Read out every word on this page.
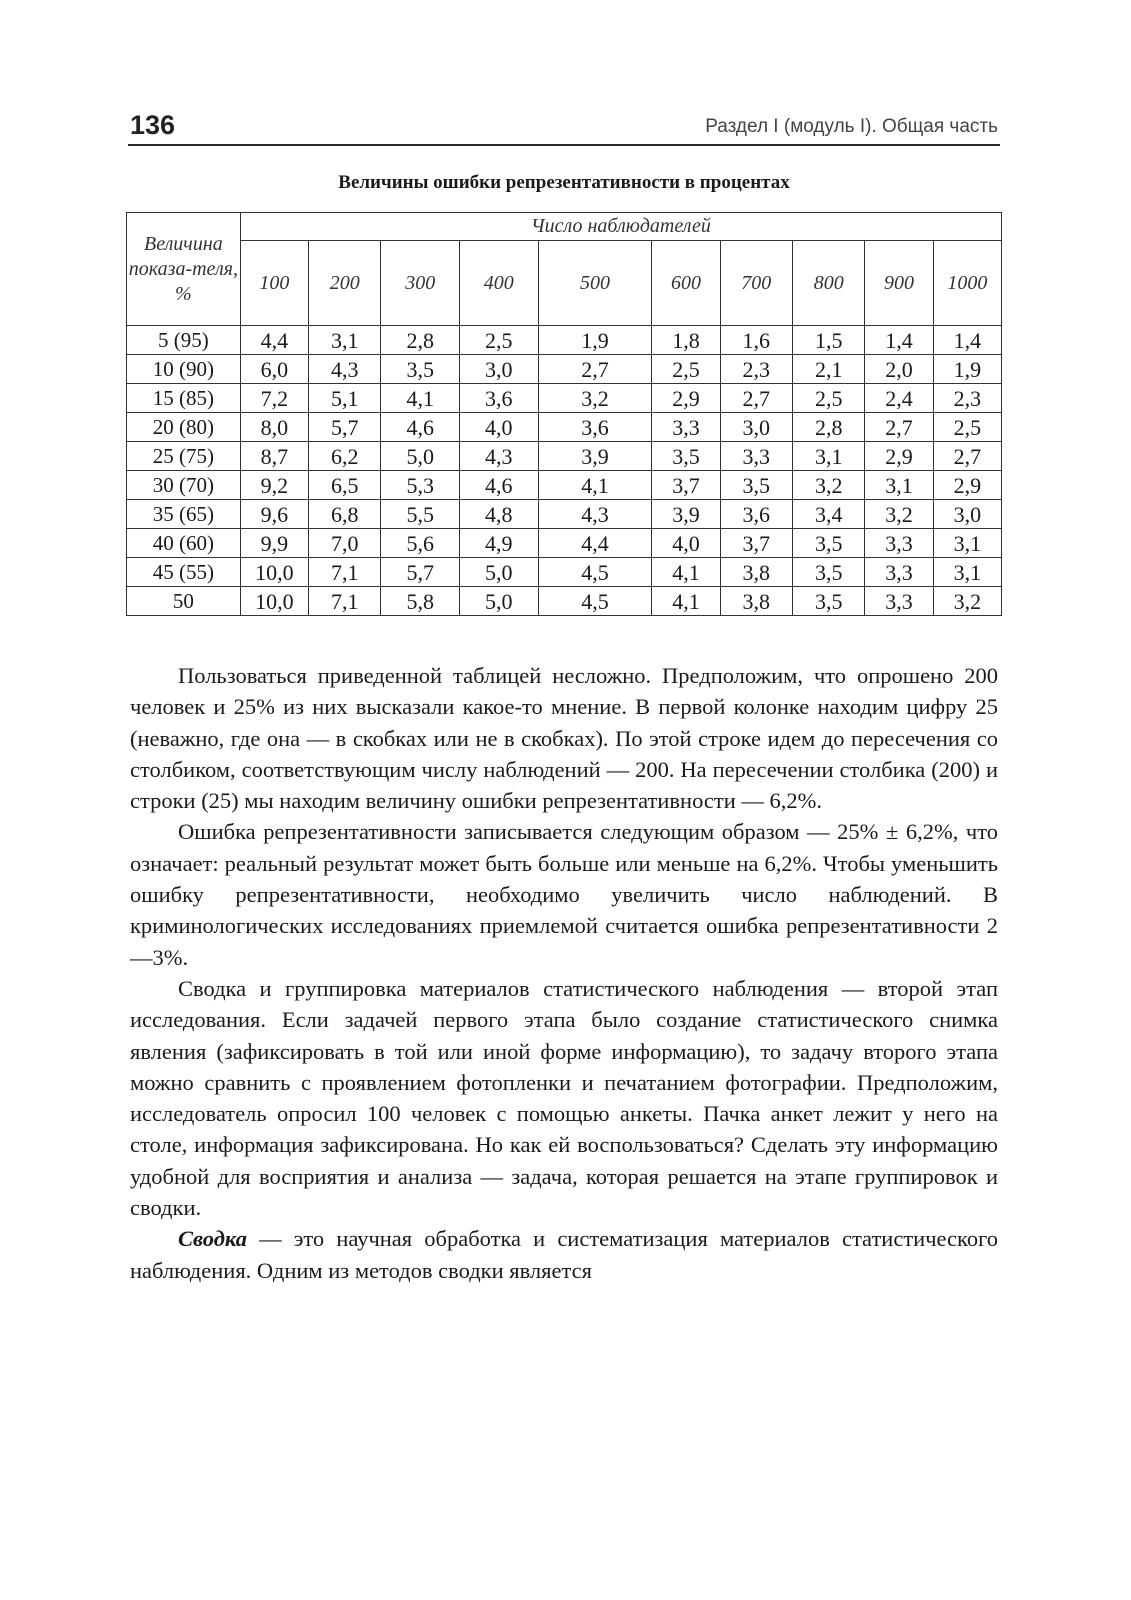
136	Раздел I (модуль I). Общая часть
Величины ошибки репрезентативности в процентах
Величина показа-теля, %	Число наблюдателей									
	100	200	300	400	500	600	700	800	900	1000
5 (95)	4,4	3,1	2,8	2,5	1,9	1,8	1,6	1,5	1,4	1,4
10 (90)	6,0	4,3	3,5	3,0	2,7	2,5	2,3	2,1	2,0	1,9
15 (85)	7,2	5,1	4,1	3,6	3,2	2,9	2,7	2,5	2,4	2,3
20 (80)	8,0	5,7	4,6	4,0	3,6	3,3	3,0	2,8	2,7	2,5
25 (75)	8,7	6,2	5,0	4,3	3,9	3,5	3,3	3,1	2,9	2,7
30 (70)	9,2	6,5	5,3	4,6	4,1	3,7	3,5	3,2	3,1	2,9
35 (65)	9,6	6,8	5,5	4,8	4,3	3,9	3,6	3,4	3,2	3,0
40 (60)	9,9	7,0	5,6	4,9	4,4	4,0	3,7	3,5	3,3	3,1
45 (55)	10,0	7,1	5,7	5,0	4,5	4,1	3,8	3,5	3,3	3,1
50	10,0	7,1	5,8	5,0	4,5	4,1	3,8	3,5	3,3	3,2

Пользоваться приведенной таблицей несложно. Предположим, что опрошено 200 человек и 25% из них высказали какое-то мнение. В первой колонке находим цифру 25 (неважно, где она — в скобках или не в скобках). По этой строке идем до пересечения со столбиком, соответствующим числу наблюдений — 200. На пересечении столбика (200) и строки (25) мы находим величину ошибки репрезентативности — 6,2%.

Ошибка репрезентативности записывается следующим образом — 25% ± 6,2%, что означает: реальный результат может быть больше или меньше на 6,2%. Чтобы уменьшить ошибку репрезентативности, необходимо увеличить число наблюдений. В криминологических исследованиях приемлемой считается ошибка репрезентативности 2—3%.

Сводка и группировка материалов статистического наблюдения — второй этап исследования. Если задачей первого этапа было создание статистического снимка явления (зафиксировать в той или иной форме информацию), то задачу второго этапа можно сравнить с проявлением фотопленки и печатанием фотографии. Предположим, исследователь опросил 100 человек с помощью анкеты. Пачка анкет лежит у него на столе, информация зафиксирована. Но как ей воспользоваться? Сделать эту информацию удобной для восприятия и анализа — задача, которая решается на этапе группировок и сводки.

Сводка — это научная обработка и систематизация материалов статистического наблюдения. Одним из методов сводки является
